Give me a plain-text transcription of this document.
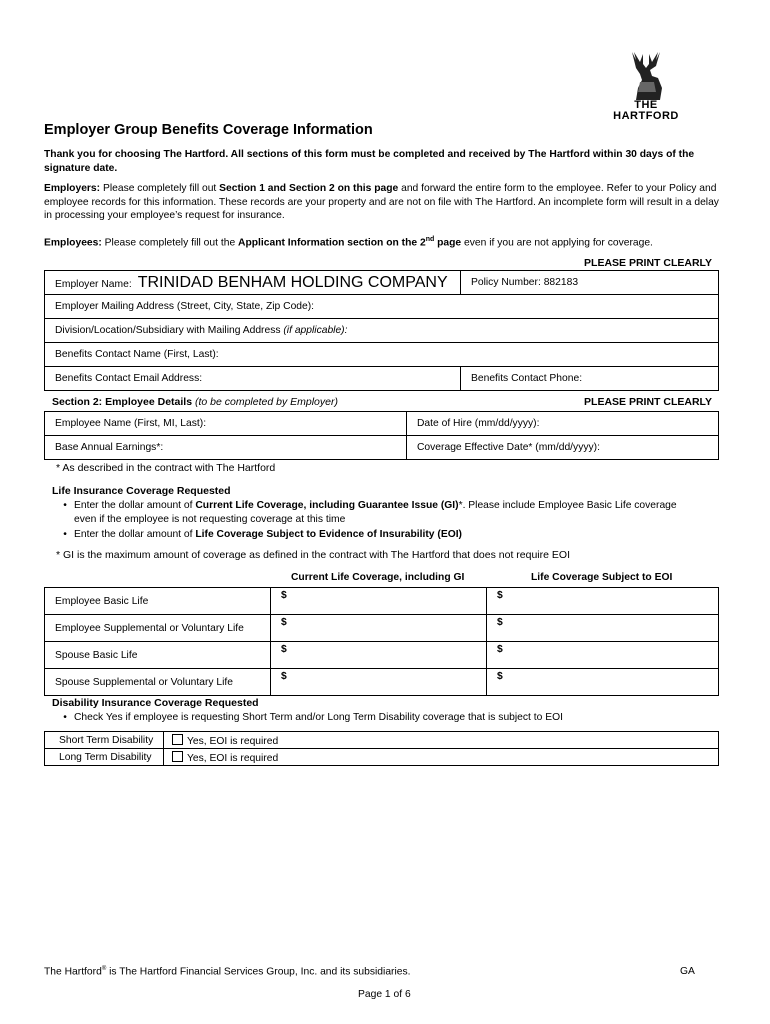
THE
HARTFORD
Employer Group Benefits Coverage Information
Thank you for choosing The Hartford. All sections of this form must be completed and received by The Hartford within 30 days of the signature date.
Employers: Please completely fill out Section 1 and Section 2 on this page and forward the entire form to the employee. Refer to your Policy and employee records for this information. These records are your property and are not on file with The Hartford. An incomplete form will result in a delay in processing your employee’s request for insurance.
Employees: Please completely fill out the Applicant Information section on the 2nd page even if you are not applying for coverage.
PLEASE PRINT CLEARLY
Employer Name: TRINIDAD BENHAM HOLDING COMPANY	Policy Number: 882183
Employer Mailing Address (Street, City, State, Zip Code):	
Division/Location/Subsidiary with Mailing Address (if applicable):	
Benefits Contact Name (First, Last):	
Benefits Contact Email Address:	Benefits Contact Phone:
Section 2: Employee Details (to be completed by Employer)	PLEASE PRINT CLEARLY
Employee Name (First, MI, Last):	Date of Hire (mm/dd/yyyy):
Base Annual Earnings*:	Coverage Effective Date* (mm/dd/yyyy):
* As described in the contract with The Hartford
Life Insurance Coverage Requested
• Enter the dollar amount of Current Life Coverage, including Guarantee Issue (GI)*. Please include Employee Basic Life coverage
even if the employee is not requesting coverage at this time
• Enter the dollar amount of Life Coverage Subject to Evidence of Insurability (EOI)
* GI is the maximum amount of coverage as defined in the contract with The Hartford that does not require EOI
Current Life Coverage, including GI	Life Coverage Subject to EOI
Employee Basic Life	$	$
Employee Supplemental or Voluntary Life	$	$
Spouse Basic Life	$	$
Spouse Supplemental or Voluntary Life	$	$
Disability Insurance Coverage Requested
• Check Yes if employee is requesting Short Term and/or Long Term Disability coverage that is subject to EOI
Short Term Disability	Yes, EOI is required
Long Term Disability	Yes, EOI is required
The Hartford® is The Hartford Financial Services Group, Inc. and its subsidiaries.	GA
Page 1 of 6
